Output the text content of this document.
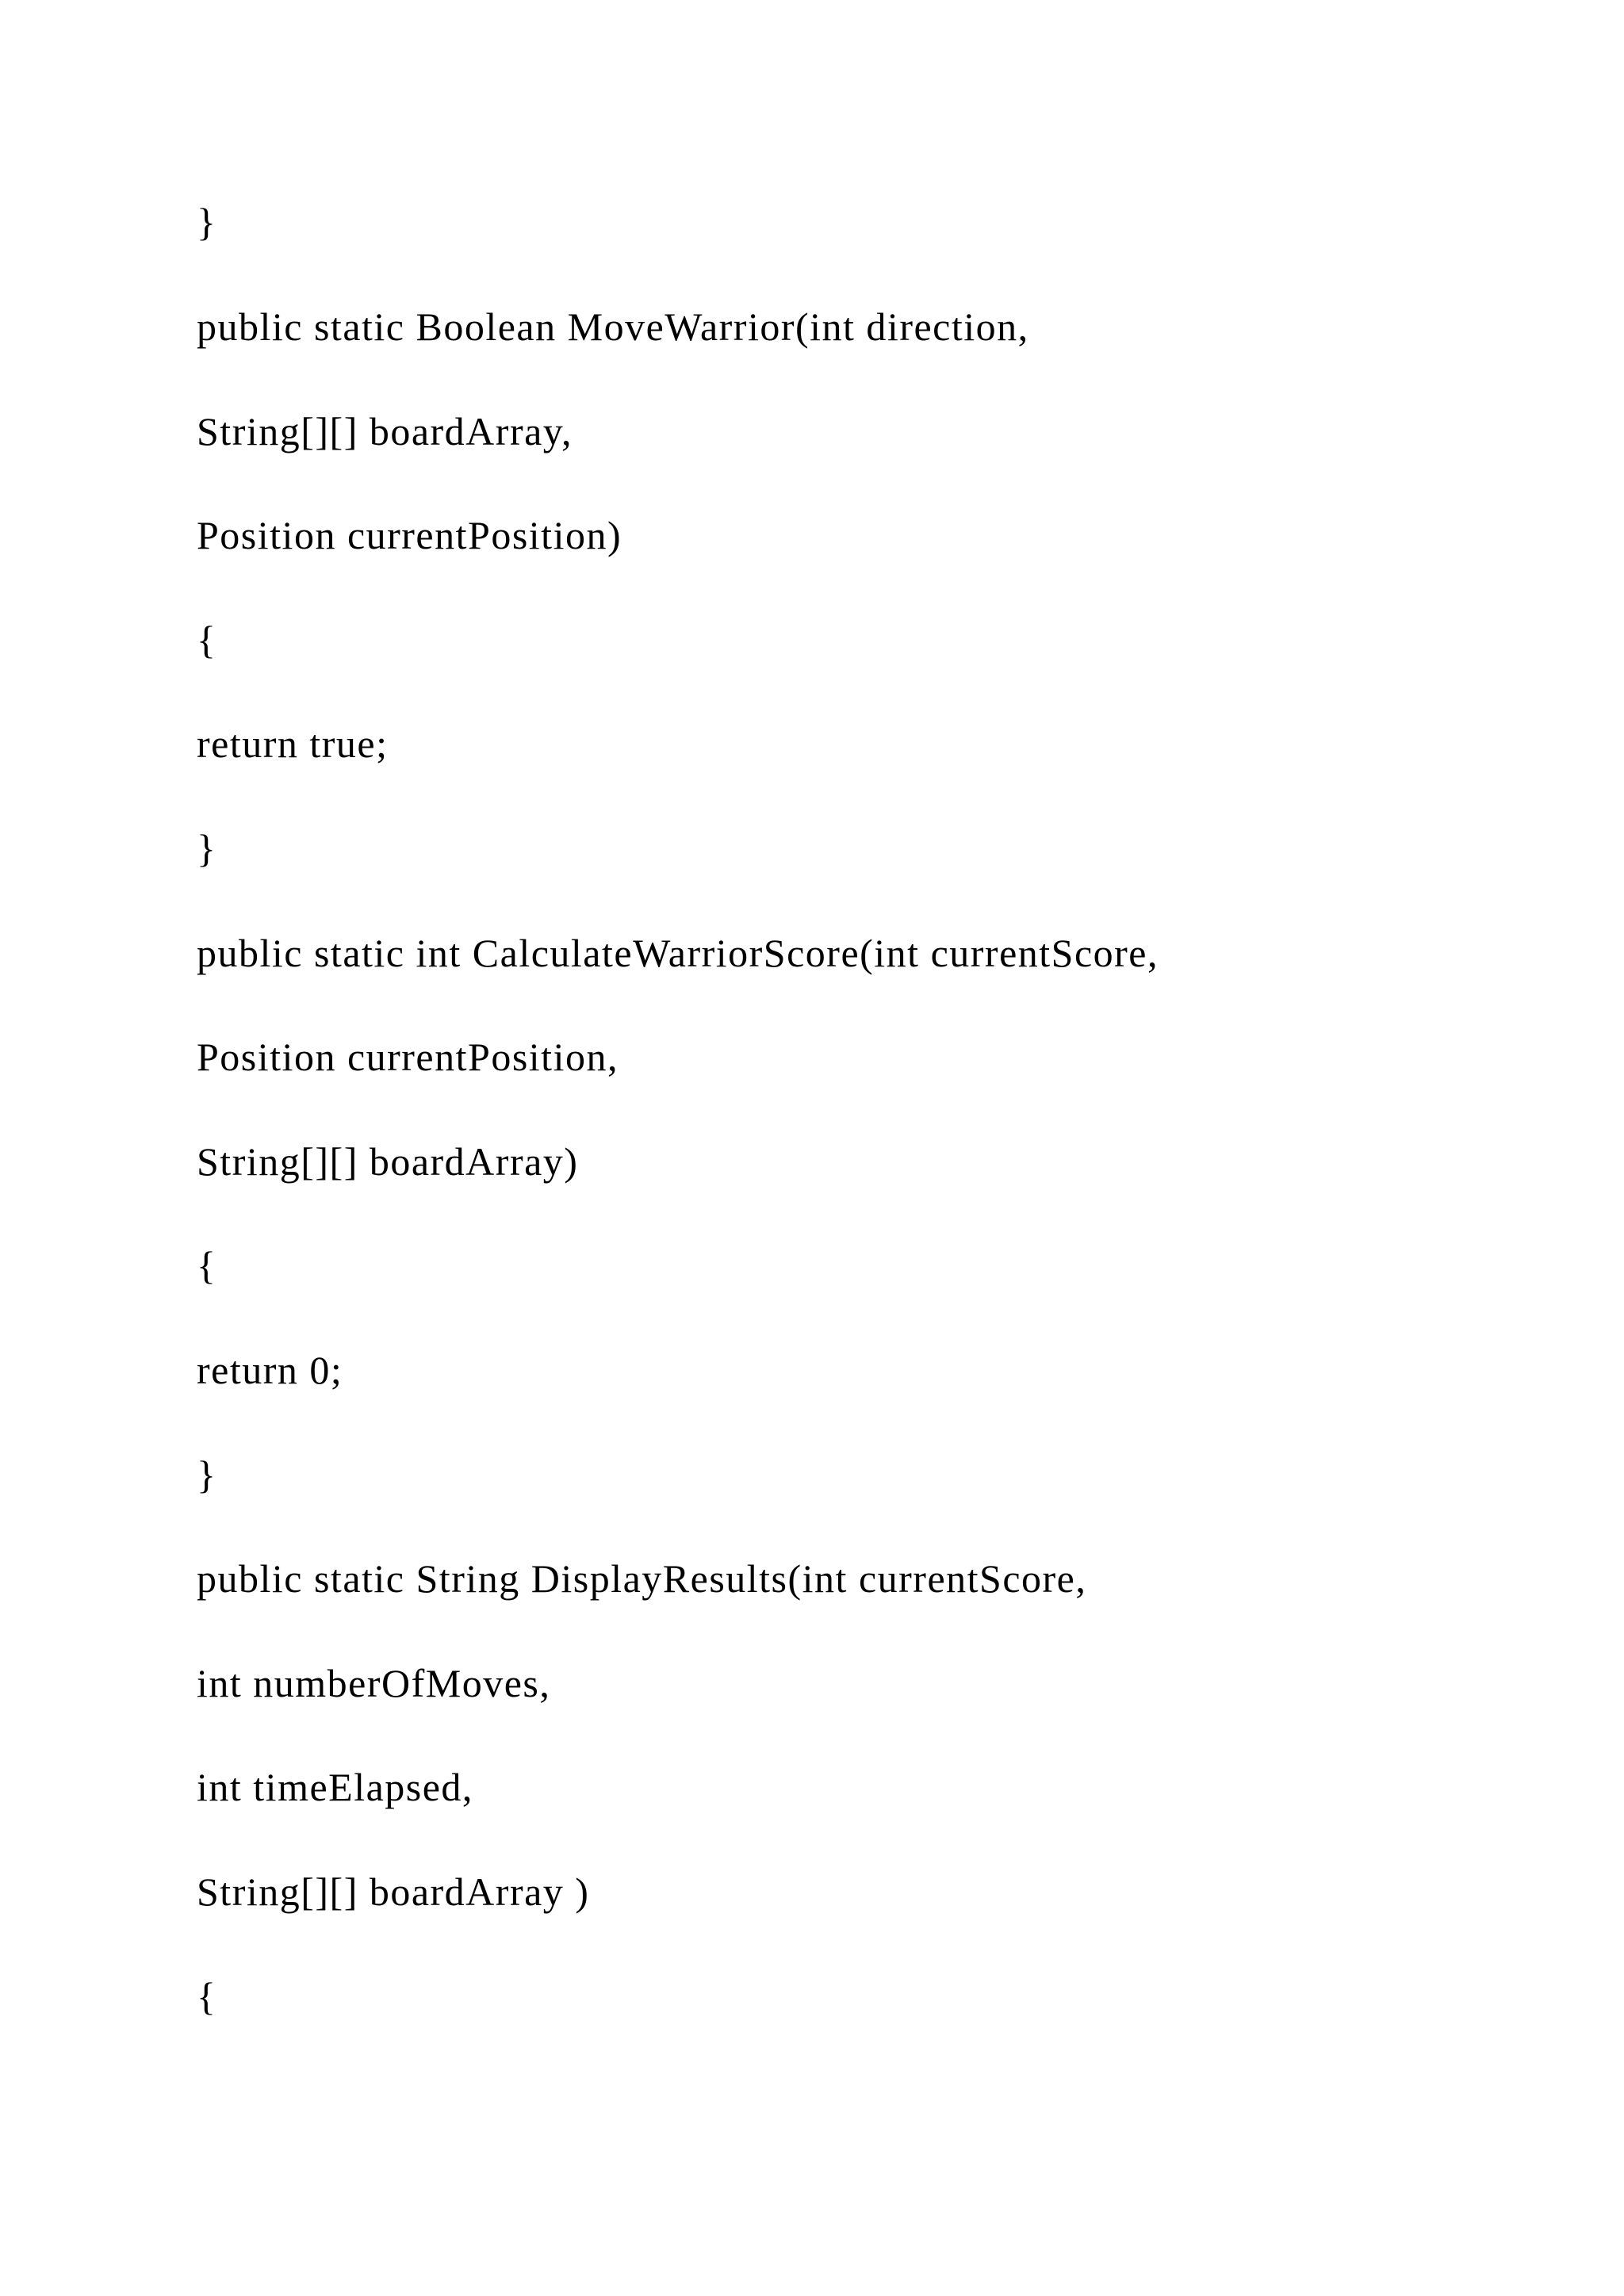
}
public static Boolean MoveWarrior(int direction,
String[][] boardArray,
Position currentPosition)
{
return true;
}
public static int CalculateWarriorScore(int currentScore,
Position currentPosition,
String[][] boardArray)
{
return 0;
}
public static String DisplayResults(int currentScore,
int numberOfMoves,
int timeElapsed,
String[][] boardArray )
{
